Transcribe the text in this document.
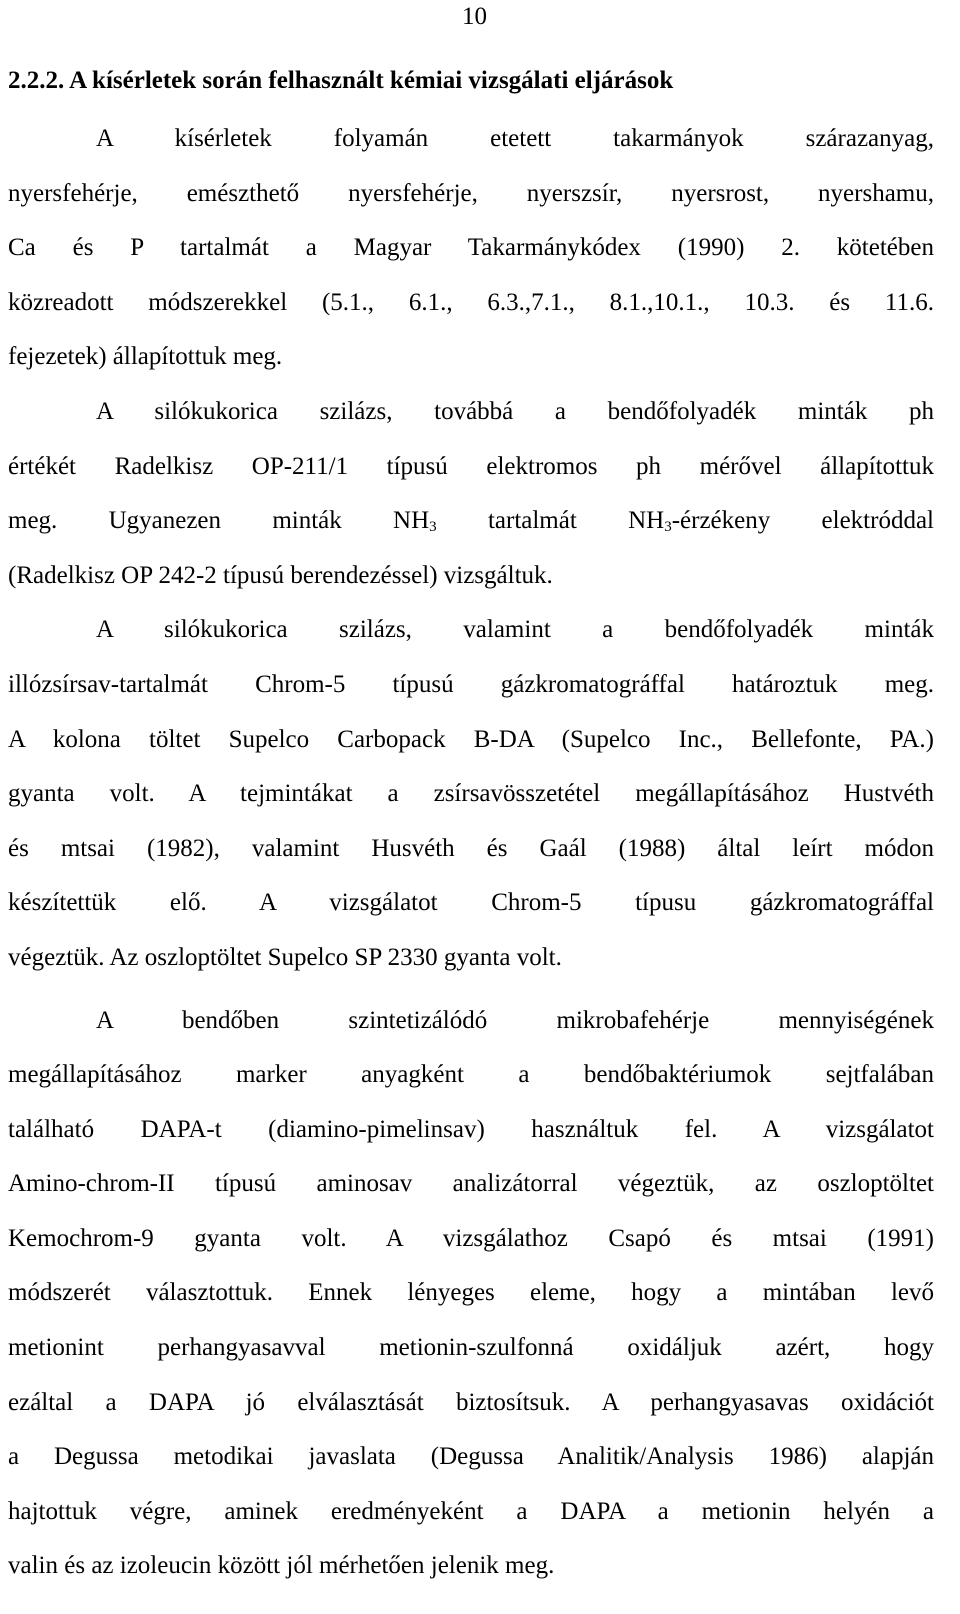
10
2.2.2. A kísérletek során felhasznált kémiai vizsgálati eljárások
A kísérletek folyamán etetett takarmányok szárazanyag,
nyersfehérje, emészthető nyersfehérje, nyerszsír, nyersrost, nyershamu,
Ca és P tartalmát a Magyar Takarmánykódex (1990) 2. kötetében
közreadott módszerekkel (5.1., 6.1., 6.3.,7.1., 8.1.,10.1., 10.3. és 11.6.
fejezetek) állapítottuk meg.
A silókukorica szilázs, továbbá a bendőfolyadék minták ph
értékét Radelkisz OP-211/1 típusú elektromos ph mérővel állapítottuk
meg. Ugyanezen minták $NH_3$ tartalmát $NH_3$-érzékeny elektróddal
(Radelkisz OP 242-2 típusú berendezéssel) vizsgáltuk.
A silókukorica szilázs, valamint a bendőfolyadék minták
illózsírsav-tartalmát Chrom-5 típusú gázkromatográffal határoztuk meg.
A kolona töltet Supelco Carbopack B-DA (Supelco Inc., Bellefonte, PA.)
gyanta volt. A tejmintákat a zsírsavösszetétel megállapításához Hustvéth
és mtsai (1982), valamint Husvéth és Gaál (1988) által leírt módon
készítettük elő. A vizsgálatot Chrom-5 típusu gázkromatográffal
végeztük. Az oszloptöltet Supelco SP 2330 gyanta volt.
A bendőben szintetizálódó mikrobafehérje mennyiségének
megállapításához marker anyagként a bendőbaktériumok sejtfalában
található DAPA-t (diamino-pimelinsav) használtuk fel. A vizsgálatot
Amino-chrom-II típusú aminosav analizátorral végeztük, az oszloptöltet
Kemochrom-9 gyanta volt. A vizsgálathoz Csapó és mtsai (1991)
módszerét választottuk. Ennek lényeges eleme, hogy a mintában levő
metionint perhangyasavval metionin-szulfonná oxidáljuk azért, hogy
ezáltal a DAPA jó elválasztását biztosítsuk. A perhangyasavas oxidációt
a Degussa metodikai javaslata (Degussa Analitik/Analysis 1986) alapján
hajtottuk végre, aminek eredményeként a DAPA a metionin helyén a
valin és az izoleucin között jól mérhetően jelenik meg.
